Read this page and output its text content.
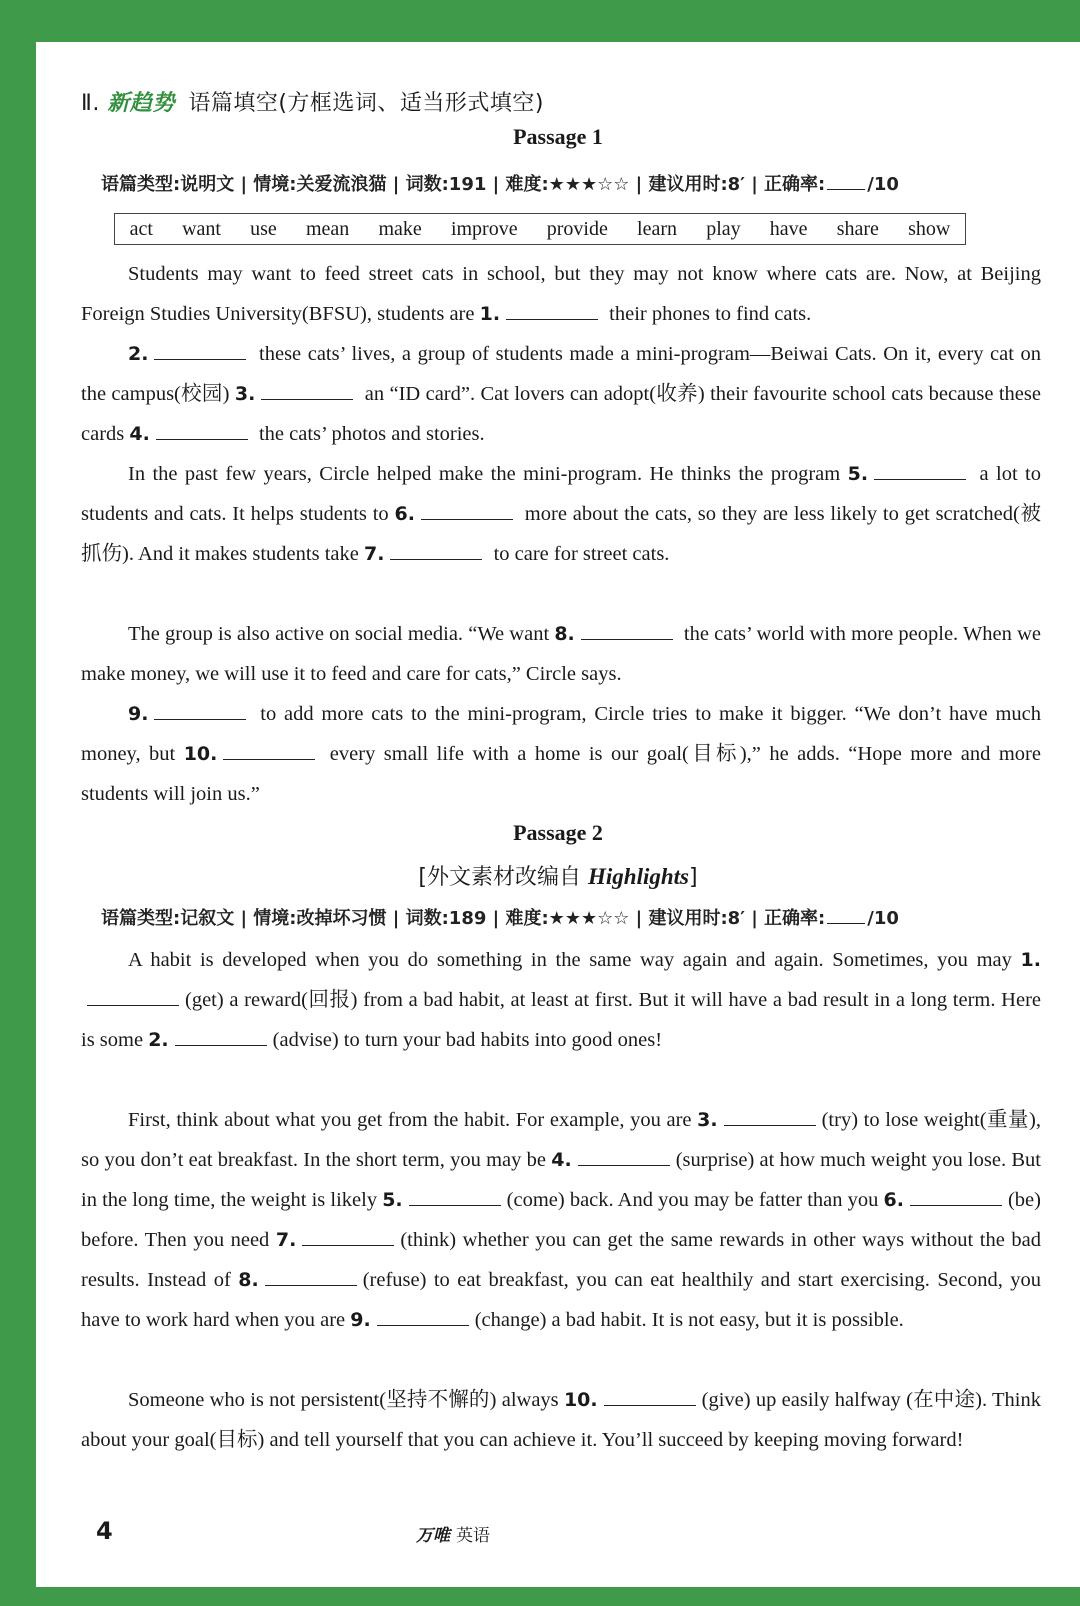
Ⅱ. 新趋势 语篇填空(方框选词、适当形式填空)
Passage 1
语篇类型:说明文 | 情境:关爱流浪猫 | 词数:191 | 难度:★★★☆☆ | 建议用时:8′ | 正确率: /10
act want use mean make improve provide learn play have share show
Students may want to feed street cats in school, but they may not know where cats are. Now, at Beijing Foreign Studies University(BFSU), students are 1.	their phones to find cats.
2.	these cats’ lives, a group of students made a mini-program—Beiwai Cats. On it, every cat on the campus(校园) 3.	an “ID card”. Cat lovers can adopt(收养) their favourite school cats because these cards 4.	the cats’ photos and stories.
In the past few years, Circle helped make the mini-program. He thinks the program 5.	a lot to students and cats. It helps students to 6.	more about the cats, so they are less likely to get scratched(被抓伤). And it makes students take 7.	to care for street cats.
The group is also active on social media. “We want 8.	the cats’ world with more people. When we make money, we will use it to feed and care for cats,” Circle says.
9.	to add more cats to the mini-program, Circle tries to make it bigger. “We don’t have much money, but 10.	every small life with a home is our goal(目标),” he adds. “Hope more and more students will join us.”
Passage 2
[外文素材改编自 Highlights]
语篇类型:记叙文 | 情境:改掉坏习惯 | 词数:189 | 难度:★★★☆☆ | 建议用时:8′ | 正确率: /10
A habit is developed when you do something in the same way again and again. Sometimes, you may 1.(get) a reward(回报) from a bad habit, at least at first. But it will have a bad result in a long term. Here is some 2.	(advise) to turn your bad habits into good ones!
First, think about what you get from the habit. For example, you are 3.	(try) to lose weight(重量), so you don’t eat breakfast. In the short term, you may be 4.	(surprise) at how much weight you lose. But in the long time, the weight is likely 5.	(come) back. And you may be fatter than you 6.	(be) before. Then you need 7.	(think) whether you can get the same rewards in other ways without the bad results. Instead of 8.	(refuse) to eat breakfast, you can eat healthily and start exercising. Second, you have to work hard when you are 9.	(change) a bad habit. It is not easy, but it is possible.
Someone who is not persistent(坚持不懈的) always 10.	(give) up easily halfway (在中途). Think about your goal(目标) and tell yourself that you can achieve it. You’ll succeed by keeping moving forward!
4	万唯 英语
